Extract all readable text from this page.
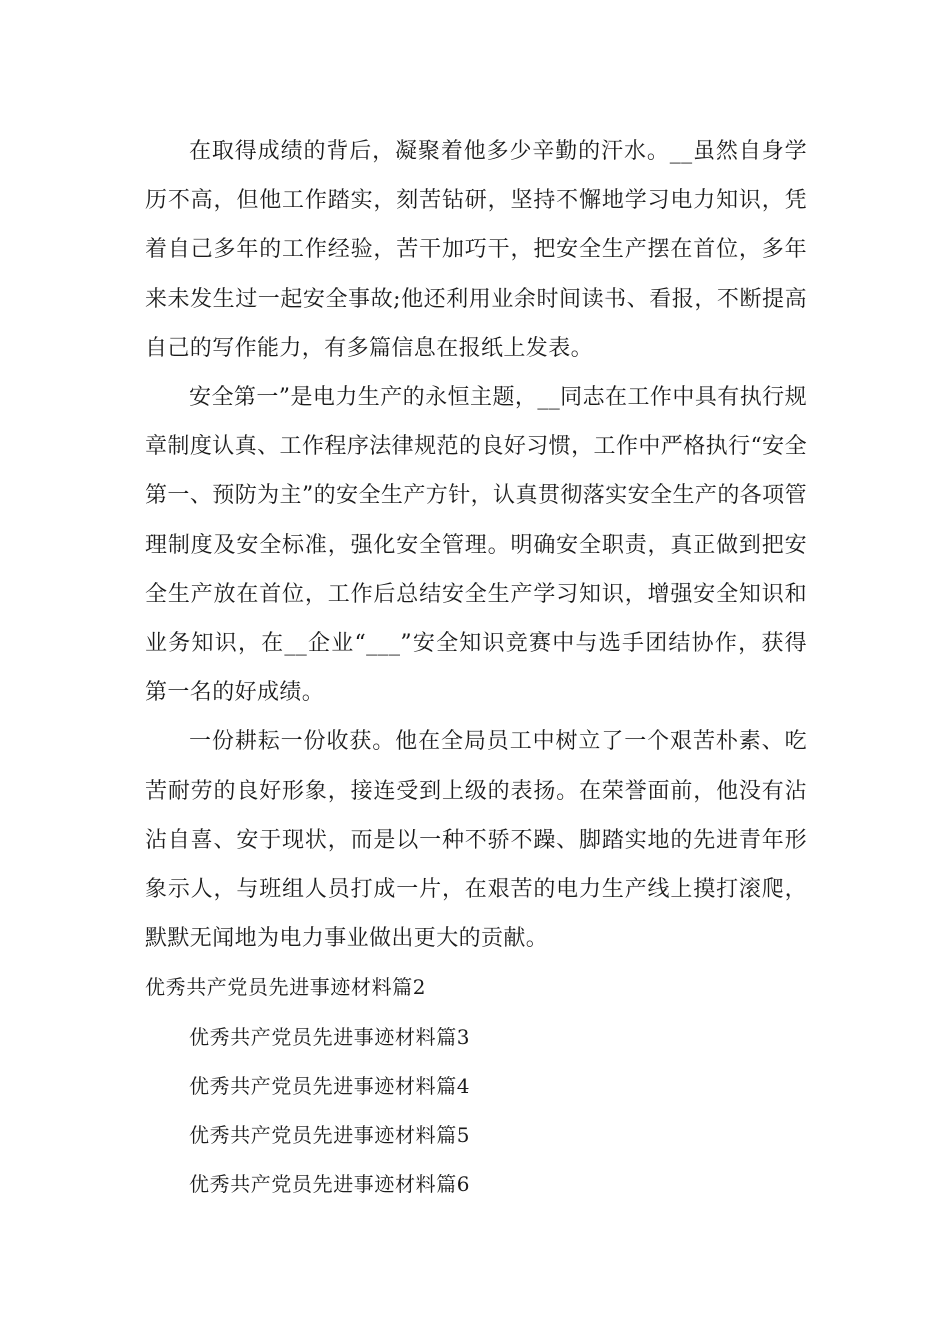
在取得成绩的背后，凝聚着他多少辛勤的汗水。__虽然自身学历不高，但他工作踏实，刻苦钻研，坚持不懈地学习电力知识，凭着自己多年的工作经验，苦干加巧干，把安全生产摆在首位，多年来未发生过一起安全事故;他还利用业余时间读书、看报，不断提高自己的写作能力，有多篇信息在报纸上发表。

安全第一”是电力生产的永恒主题，__同志在工作中具有执行规章制度认真、工作程序法律规范的良好习惯，工作中严格执行“安全第一、预防为主”的安全生产方针，认真贯彻落实安全生产的各项管理制度及安全标准，强化安全管理。明确安全职责，真正做到把安全生产放在首位，工作后总结安全生产学习知识，增强安全知识和业务知识，在__企业“___”安全知识竞赛中与选手团结协作，获得第一名的好成绩。

一份耕耘一份收获。他在全局员工中树立了一个艰苦朴素、吃苦耐劳的良好形象，接连受到上级的表扬。在荣誉面前，他没有沾沾自喜、安于现状，而是以一种不骄不躁、脚踏实地的先进青年形象示人，与班组人员打成一片，在艰苦的电力生产线上摸打滚爬，默默无闻地为电力事业做出更大的贡献。

优秀共产党员先进事迹材料篇2

优秀共产党员先进事迹材料篇3

优秀共产党员先进事迹材料篇4

优秀共产党员先进事迹材料篇5

优秀共产党员先进事迹材料篇6
